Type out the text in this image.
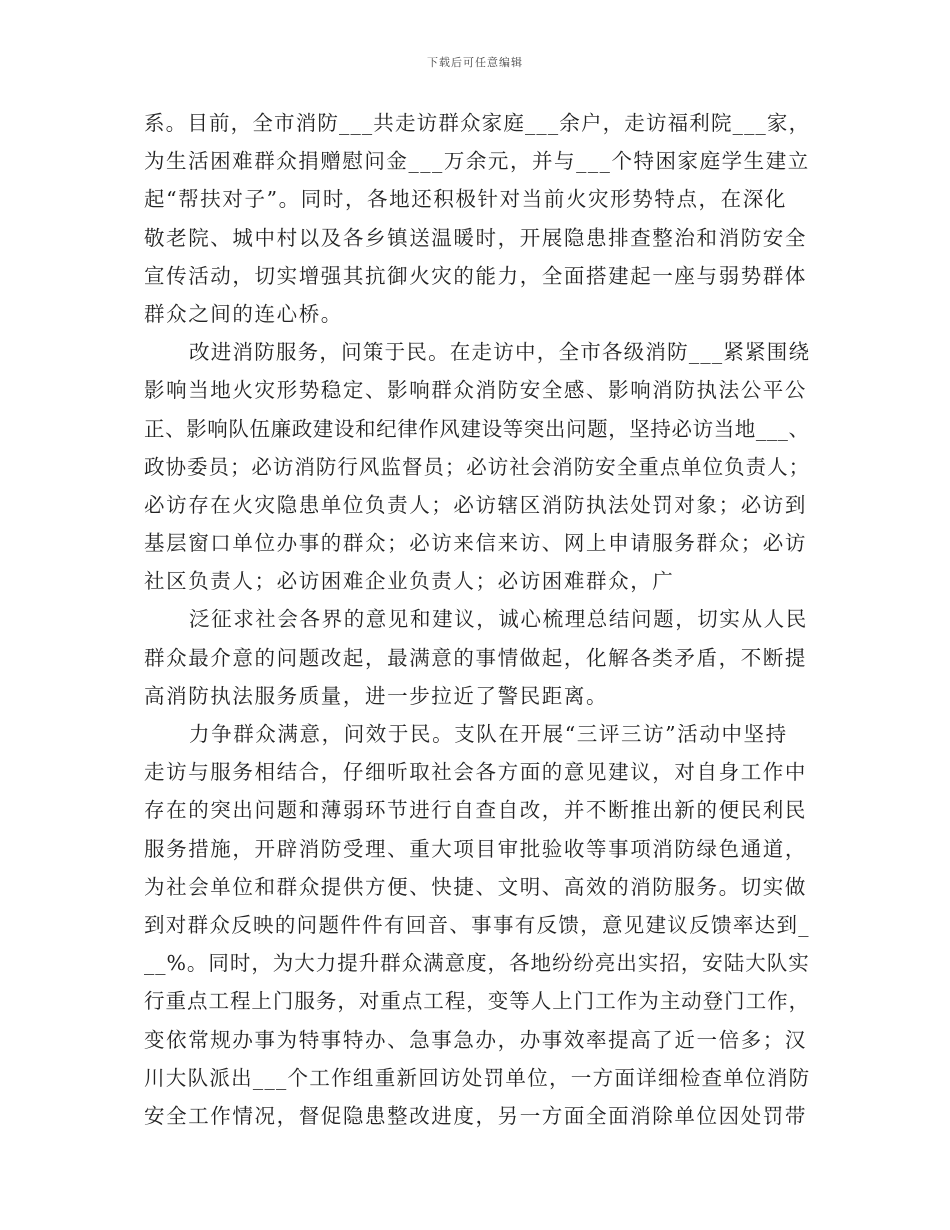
下载后可任意编辑
系。目前，全市消防___共走访群众家庭___余户，走访福利院___家，
为生活困难群众捐赠慰问金___万余元，并与___个特困家庭学生建立
起“帮扶对子”。同时，各地还积极针对当前火灾形势特点，在深化
敬老院、城中村以及各乡镇送温暖时，开展隐患排查整治和消防安全
宣传活动，切实增强其抗御火灾的能力，全面搭建起一座与弱势群体
群众之间的连心桥。
改进消防服务，问策于民。在走访中，全市各级消防___紧紧围绕
影响当地火灾形势稳定、影响群众消防安全感、影响消防执法公平公
正、影响队伍廉政建设和纪律作风建设等突出问题，坚持必访当地___、
政协委员；必访消防行风监督员；必访社会消防安全重点单位负责人；
必访存在火灾隐患单位负责人；必访辖区消防执法处罚对象；必访到
基层窗口单位办事的群众；必访来信来访、网上申请服务群众；必访
社区负责人；必访困难企业负责人；必访困难群众，广
泛征求社会各界的意见和建议，诚心梳理总结问题，切实从人民
群众最介意的问题改起，最满意的事情做起，化解各类矛盾，不断提
高消防执法服务质量，进一步拉近了警民距离。
力争群众满意，问效于民。支队在开展“三评三访”活动中坚持
走访与服务相结合，仔细听取社会各方面的意见建议，对自身工作中
存在的突出问题和薄弱环节进行自查自改，并不断推出新的便民利民
服务措施，开辟消防受理、重大项目审批验收等事项消防绿色通道，
为社会单位和群众提供方便、快捷、文明、高效的消防服务。切实做
到对群众反映的问题件件有回音、事事有反馈，意见建议反馈率达到_
__%。同时，为大力提升群众满意度，各地纷纷亮出实招，安陆大队实
行重点工程上门服务，对重点工程，变等人上门工作为主动登门工作，
变依常规办事为特事特办、急事急办，办事效率提高了近一倍多；汉
川大队派出___个工作组重新回访处罚单位，一方面详细检查单位消防
安全工作情况，督促隐患整改进度，另一方面全面消除单位因处罚带
